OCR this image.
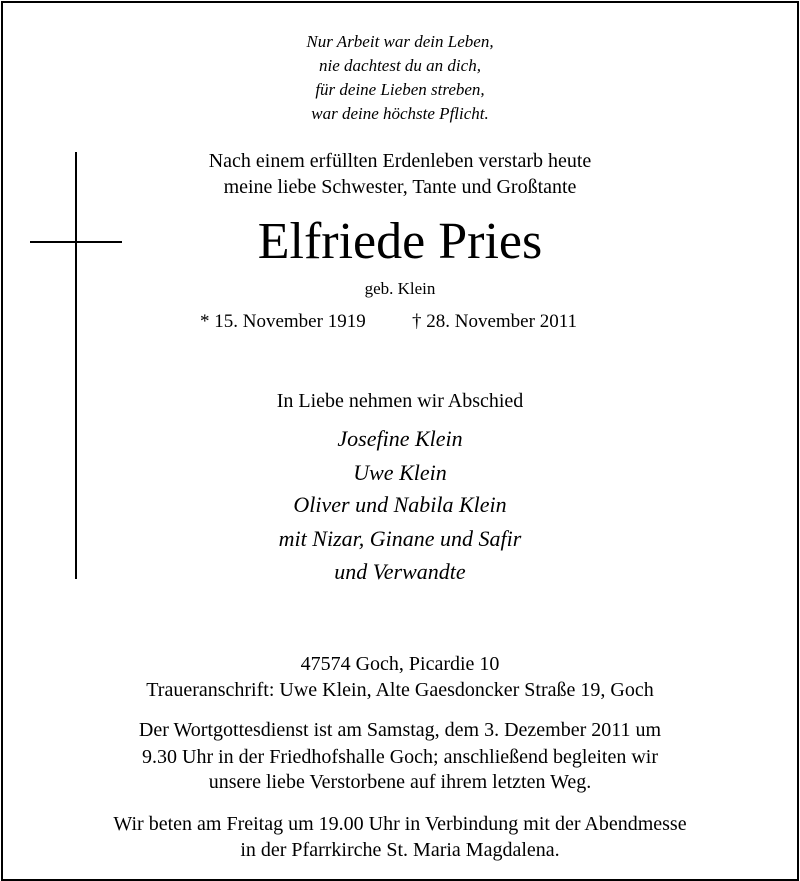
Nur Arbeit war dein Leben,
nie dachtest du an dich,
für deine Lieben streben,
war deine höchste Pflicht.
Nach einem erfüllten Erdenleben verstarb heute
meine liebe Schwester, Tante und Großtante
Elfriede Pries
geb. Klein
* 15. November 1919 † 28. November 2011
In Liebe nehmen wir Abschied
Josefine Klein
Uwe Klein
Oliver und Nabila Klein
mit Nizar, Ginane und Safir
und Verwandte
47574 Goch, Picardie 10
Traueranschrift: Uwe Klein, Alte Gaesdoncker Straße 19, Goch
Der Wortgottesdienst ist am Samstag, dem 3. Dezember 2011 um
9.30 Uhr in der Friedhofshalle Goch; anschließend begleiten wir
unsere liebe Verstorbene auf ihrem letzten Weg.
Wir beten am Freitag um 19.00 Uhr in Verbindung mit der Abendmesse
in der Pfarrkirche St. Maria Magdalena.
